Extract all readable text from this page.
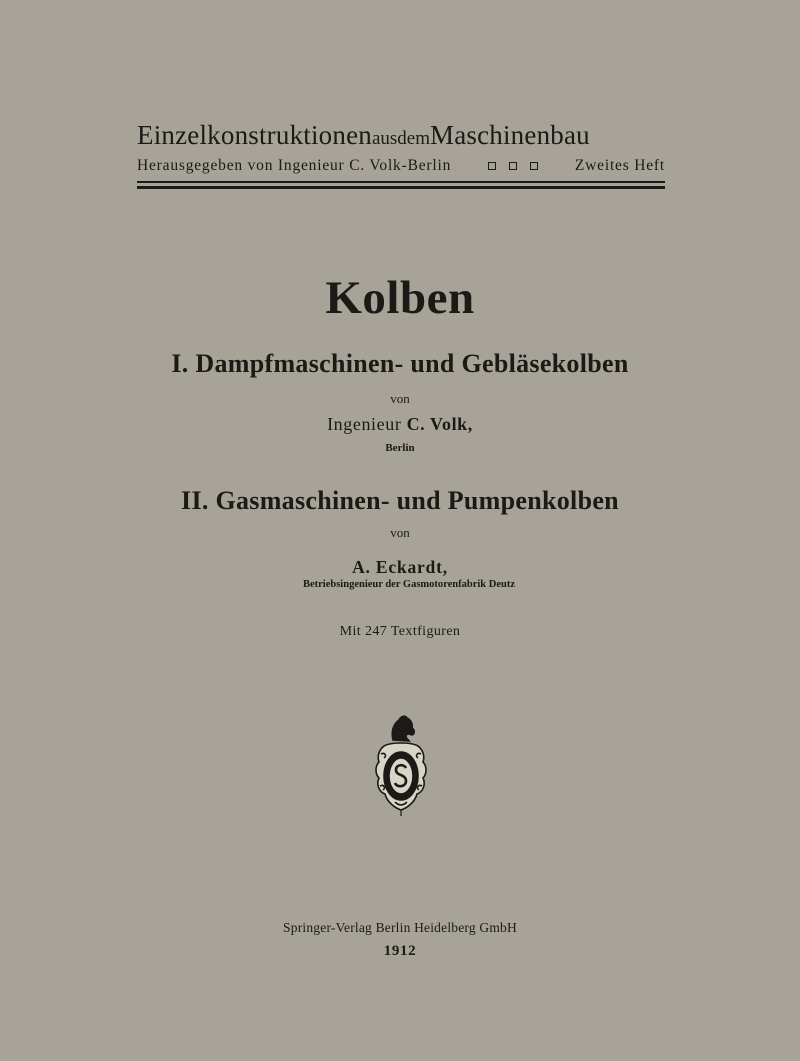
EinzelkonstruktionenausdemMaschinenbau
Herausgegeben von Ingenieur C. Volk-Berlin	Zweites Heft
Kolben
I. Dampfmaschinen- und Gebläsekolben
von
Ingenieur C. Volk,
Berlin
II. Gasmaschinen- und Pumpenkolben
von
A. Eckardt,
Betriebsingenieur der Gasmotorenfabrik Deutz
Mit 247 Textfiguren
Springer-Verlag Berlin Heidelberg GmbH
1912
